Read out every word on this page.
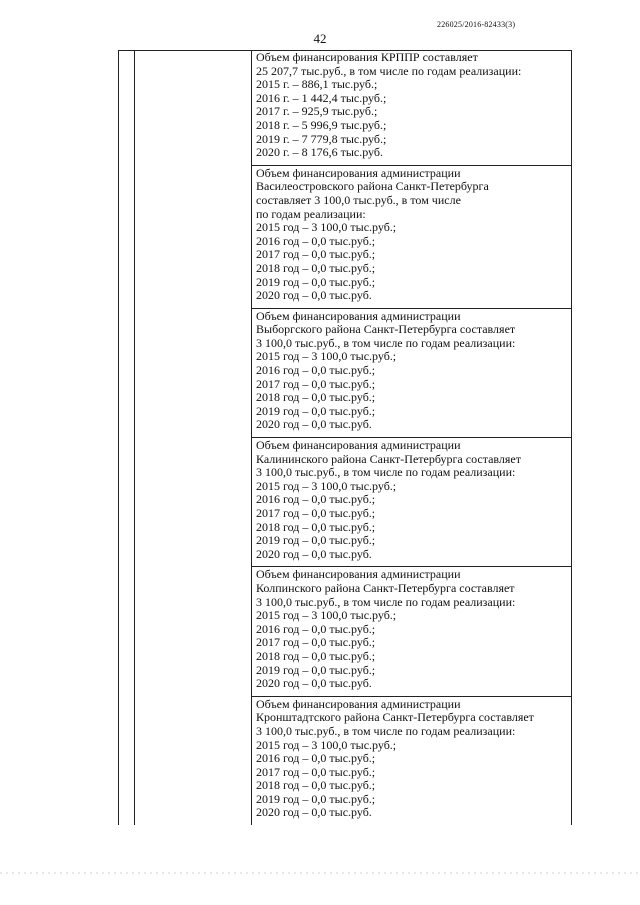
226025/2016-82433(3)
42
Объем финансирования КРППР составляет
25 207,7 тыс.руб., в том числе по годам реализации:
2015 г. – 886,1 тыс.руб.;
2016 г. – 1 442,4 тыс.руб.;
2017 г. – 925,9 тыс.руб.;
2018 г. – 5 996,9 тыс.руб.;
2019 г. – 7 779,8 тыс.руб.;
2020 г. – 8 176,6 тыс.руб.
Объем финансирования администрации
Василеостровского района Санкт-Петербурга
составляет 3 100,0 тыс.руб., в том числе
по годам реализации:
2015 год – 3 100,0 тыс.руб.;
2016 год – 0,0 тыс.руб.;
2017 год – 0,0 тыс.руб.;
2018 год – 0,0 тыс.руб.;
2019 год – 0,0 тыс.руб.;
2020 год – 0,0 тыс.руб.
Объем финансирования администрации
Выборгского района Санкт-Петербурга составляет
3 100,0 тыс.руб., в том числе по годам реализации:
2015 год – 3 100,0 тыс.руб.;
2016 год – 0,0 тыс.руб.;
2017 год – 0,0 тыс.руб.;
2018 год – 0,0 тыс.руб.;
2019 год – 0,0 тыс.руб.;
2020 год – 0,0 тыс.руб.
Объем финансирования администрации
Калининского района Санкт-Петербурга составляет
3 100,0 тыс.руб., в том числе по годам реализации:
2015 год – 3 100,0 тыс.руб.;
2016 год – 0,0 тыс.руб.;
2017 год – 0,0 тыс.руб.;
2018 год – 0,0 тыс.руб.;
2019 год – 0,0 тыс.руб.;
2020 год – 0,0 тыс.руб.
Объем финансирования администрации
Колпинского района Санкт-Петербурга составляет
3 100,0 тыс.руб., в том числе по годам реализации:
2015 год – 3 100,0 тыс.руб.;
2016 год – 0,0 тыс.руб.;
2017 год – 0,0 тыс.руб.;
2018 год – 0,0 тыс.руб.;
2019 год – 0,0 тыс.руб.;
2020 год – 0,0 тыс.руб.
Объем финансирования администрации
Кронштадтского района Санкт-Петербурга составляет
3 100,0 тыс.руб., в том числе по годам реализации:
2015 год – 3 100,0 тыс.руб.;
2016 год – 0,0 тыс.руб.;
2017 год – 0,0 тыс.руб.;
2018 год – 0,0 тыс.руб.;
2019 год – 0,0 тыс.руб.;
2020 год – 0,0 тыс.руб.
